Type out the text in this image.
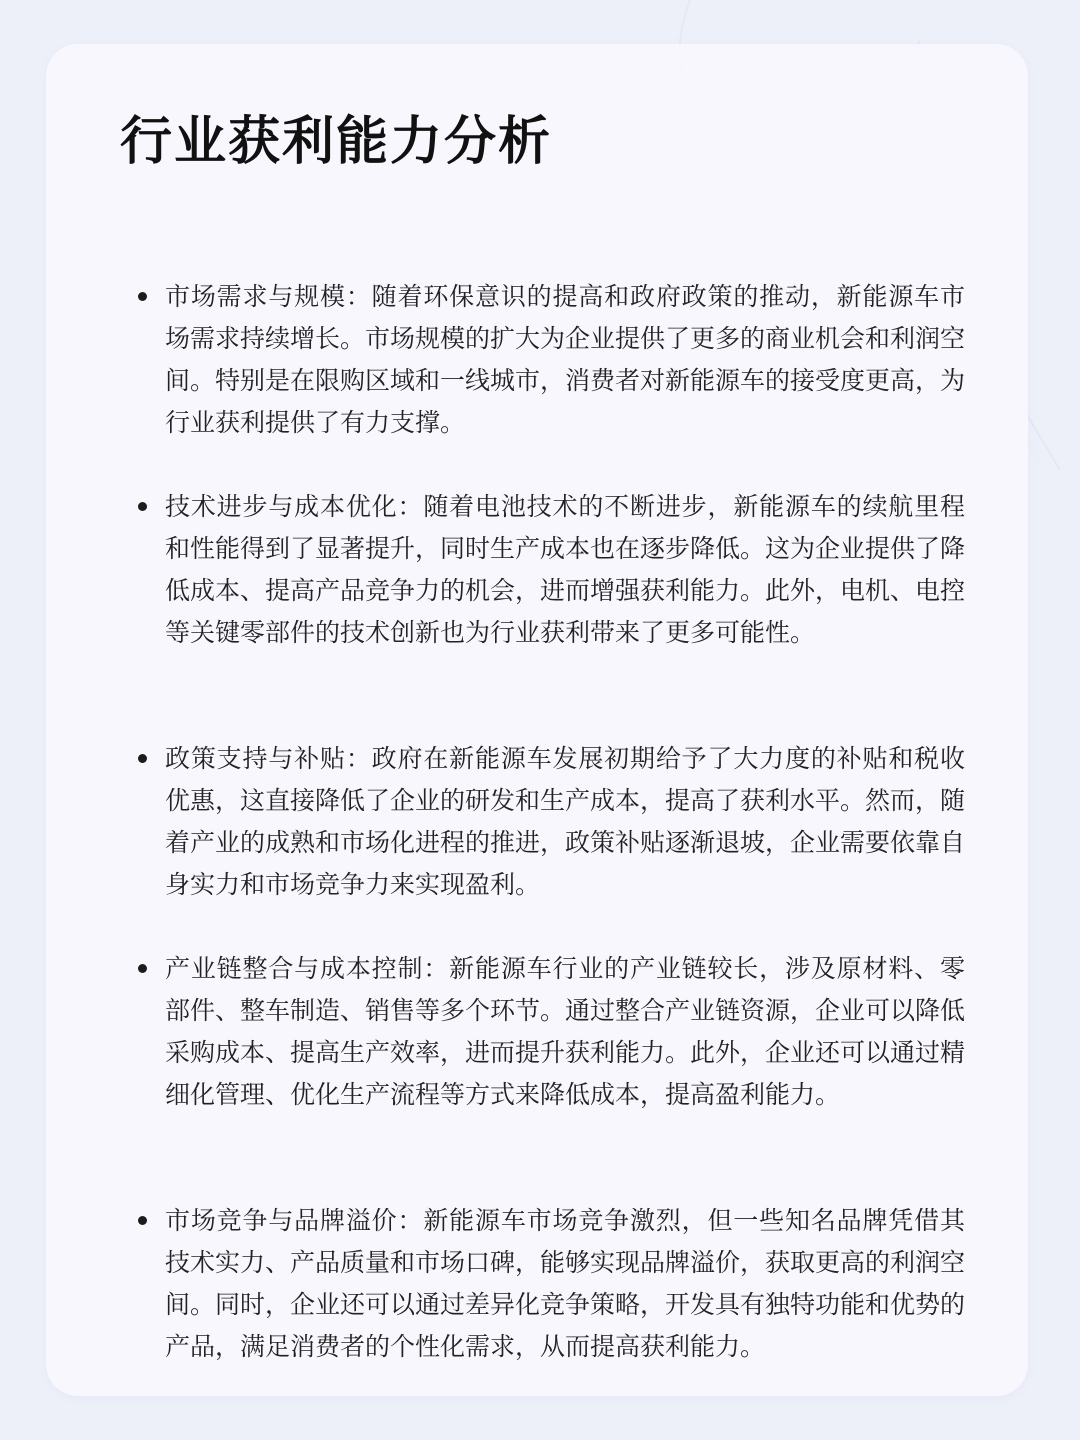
行业获利能力分析

市场需求与规模：随着环保意识的提高和政府政策的推动，新能源车市场需求持续增长。市场规模的扩大为企业提供了更多的商业机会和利润空间。特别是在限购区域和一线城市，消费者对新能源车的接受度更高，为行业获利提供了有力支撑。

技术进步与成本优化：随着电池技术的不断进步，新能源车的续航里程和性能得到了显著提升，同时生产成本也在逐步降低。这为企业提供了降低成本、提高产品竞争力的机会，进而增强获利能力。此外，电机、电控等关键零部件的技术创新也为行业获利带来了更多可能性。

政策支持与补贴：政府在新能源车发展初期给予了大力度的补贴和税收优惠，这直接降低了企业的研发和生产成本，提高了获利水平。然而，随着产业的成熟和市场化进程的推进，政策补贴逐渐退坡，企业需要依靠自身实力和市场竞争力来实现盈利。

产业链整合与成本控制：新能源车行业的产业链较长，涉及原材料、零部件、整车制造、销售等多个环节。通过整合产业链资源，企业可以降低采购成本、提高生产效率，进而提升获利能力。此外，企业还可以通过精细化管理、优化生产流程等方式来降低成本，提高盈利能力。

市场竞争与品牌溢价：新能源车市场竞争激烈，但一些知名品牌凭借其技术实力、产品质量和市场口碑，能够实现品牌溢价，获取更高的利润空间。同时，企业还可以通过差异化竞争策略，开发具有独特功能和优势的产品，满足消费者的个性化需求，从而提高获利能力。
